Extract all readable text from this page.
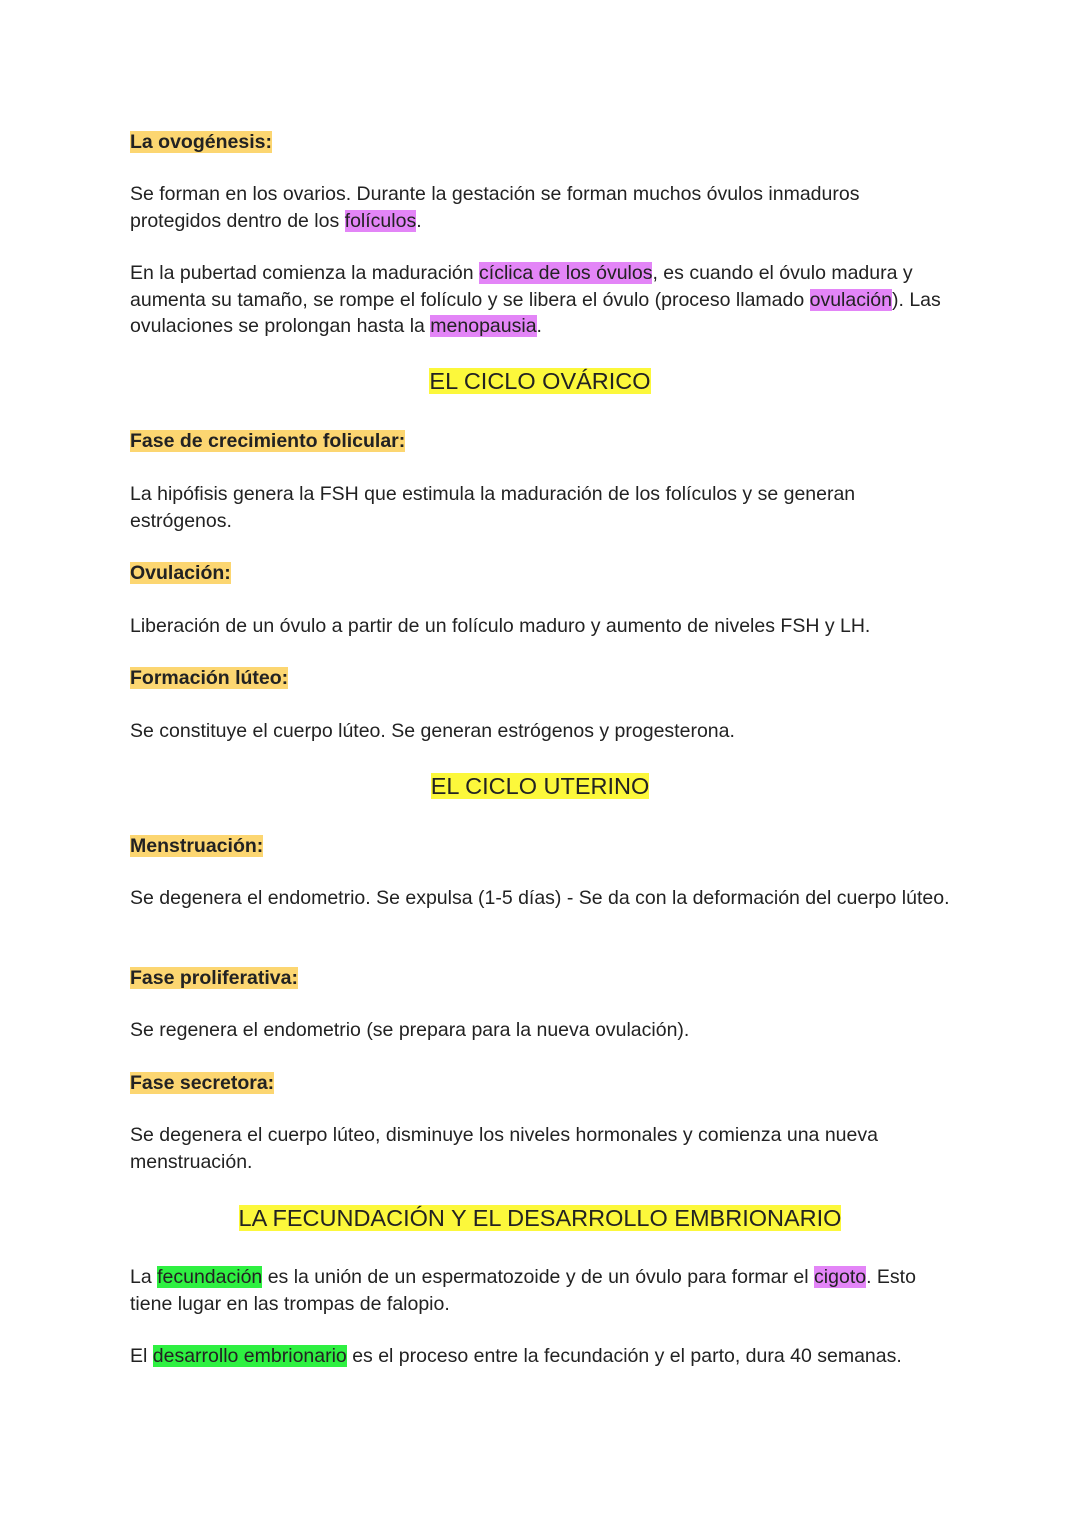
La ovogénesis:
Se forman en los ovarios. Durante la gestación se forman muchos óvulos inmaduros protegidos dentro de los folículos.
En la pubertad comienza la maduración cíclica de los óvulos, es cuando el óvulo madura y aumenta su tamaño, se rompe el folículo y se libera el óvulo (proceso llamado ovulación). Las ovulaciones se prolongan hasta la menopausia.
EL CICLO OVÁRICO
Fase de crecimiento folicular:
La hipófisis genera la FSH que estimula la maduración de los folículos y se generan estrógenos.
Ovulación:
Liberación de un óvulo a partir de un folículo maduro y aumento de niveles FSH y LH.
Formación lúteo:
Se constituye el cuerpo lúteo. Se generan estrógenos y progesterona.
EL CICLO UTERINO
Menstruación:
Se degenera el endometrio. Se expulsa (1-5 días) - Se da con la deformación del cuerpo lúteo.
Fase proliferativa:
Se regenera el endometrio (se prepara para la nueva ovulación).
Fase secretora:
Se degenera el cuerpo lúteo, disminuye los niveles hormonales y comienza una nueva menstruación.
LA FECUNDACIÓN Y EL DESARROLLO EMBRIONARIO
La fecundación es la unión de un espermatozoide y de un óvulo para formar el cigoto. Esto tiene lugar en las trompas de falopio.
El desarrollo embrionario es el proceso entre la fecundación y el parto, dura 40 semanas.
